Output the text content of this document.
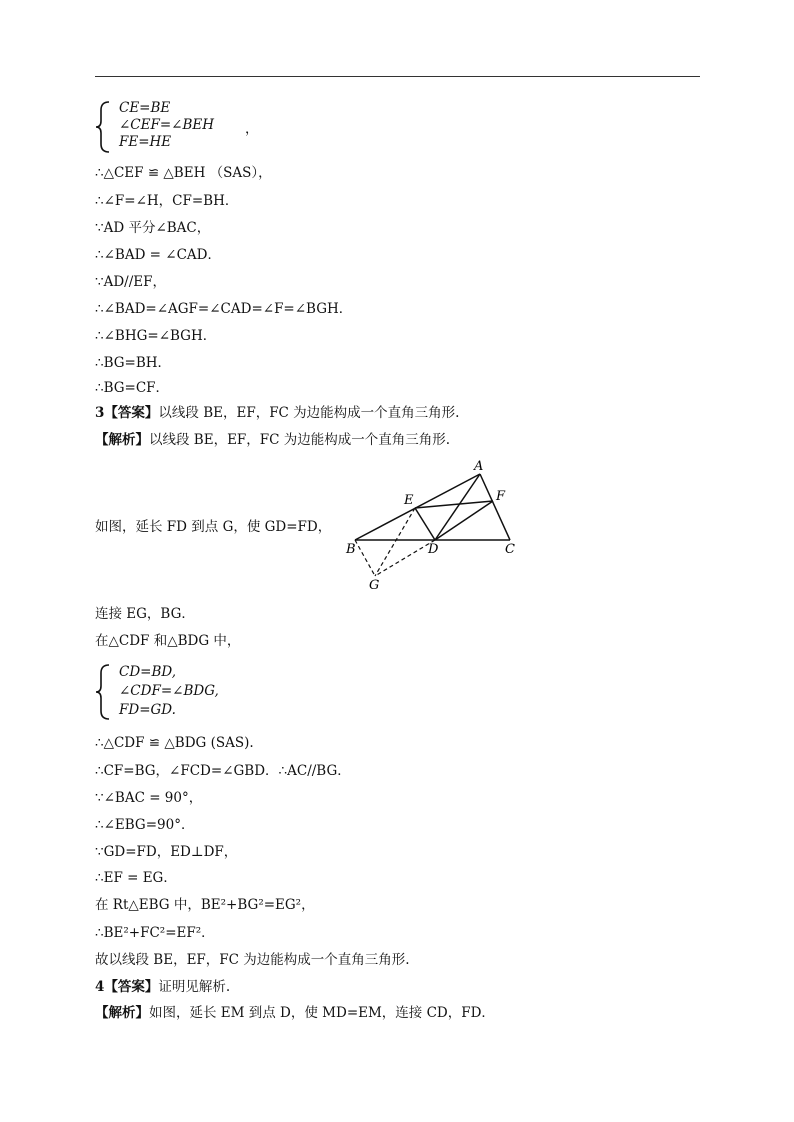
CE=BE
∠CEF=∠BEH
FE=HE
，
∴△CEF ≌ △BEH （SAS），
∴∠F=∠H，CF=BH．
∵AD 平分∠BAC，
∴∠BAD = ∠CAD．
∵AD//EF，
∴∠BAD=∠AGF=∠CAD=∠F=∠BGH．
∴∠BHG=∠BGH．
∴BG=BH．
∴BG=CF．
3【答案】以线段 BE，EF，FC 为边能构成一个直角三角形.
【解析】以线段 BE，EF，FC 为边能构成一个直角三角形.
如图，延长 FD 到点 G，使 GD=FD，
A
E	F
B	D	C
G
连接 EG，BG．
在△CDF 和△BDG 中，
CD=BD,
∠CDF=∠BDG,
FD=GD.
∴△CDF ≌ △BDG (SAS).
∴CF=BG，∠FCD=∠GBD．∴AC//BG．
∵∠BAC = 90°，
∴∠EBG=90°．
∵GD=FD，ED⊥DF，
∴EF = EG．
在 Rt△EBG 中，BE²+BG²=EG²，
∴BE²+FC²=EF²．
故以线段 BE，EF，FC 为边能构成一个直角三角形.
4【答案】证明见解析.
【解析】如图，延长 EM 到点 D，使 MD=EM，连接 CD，FD．
